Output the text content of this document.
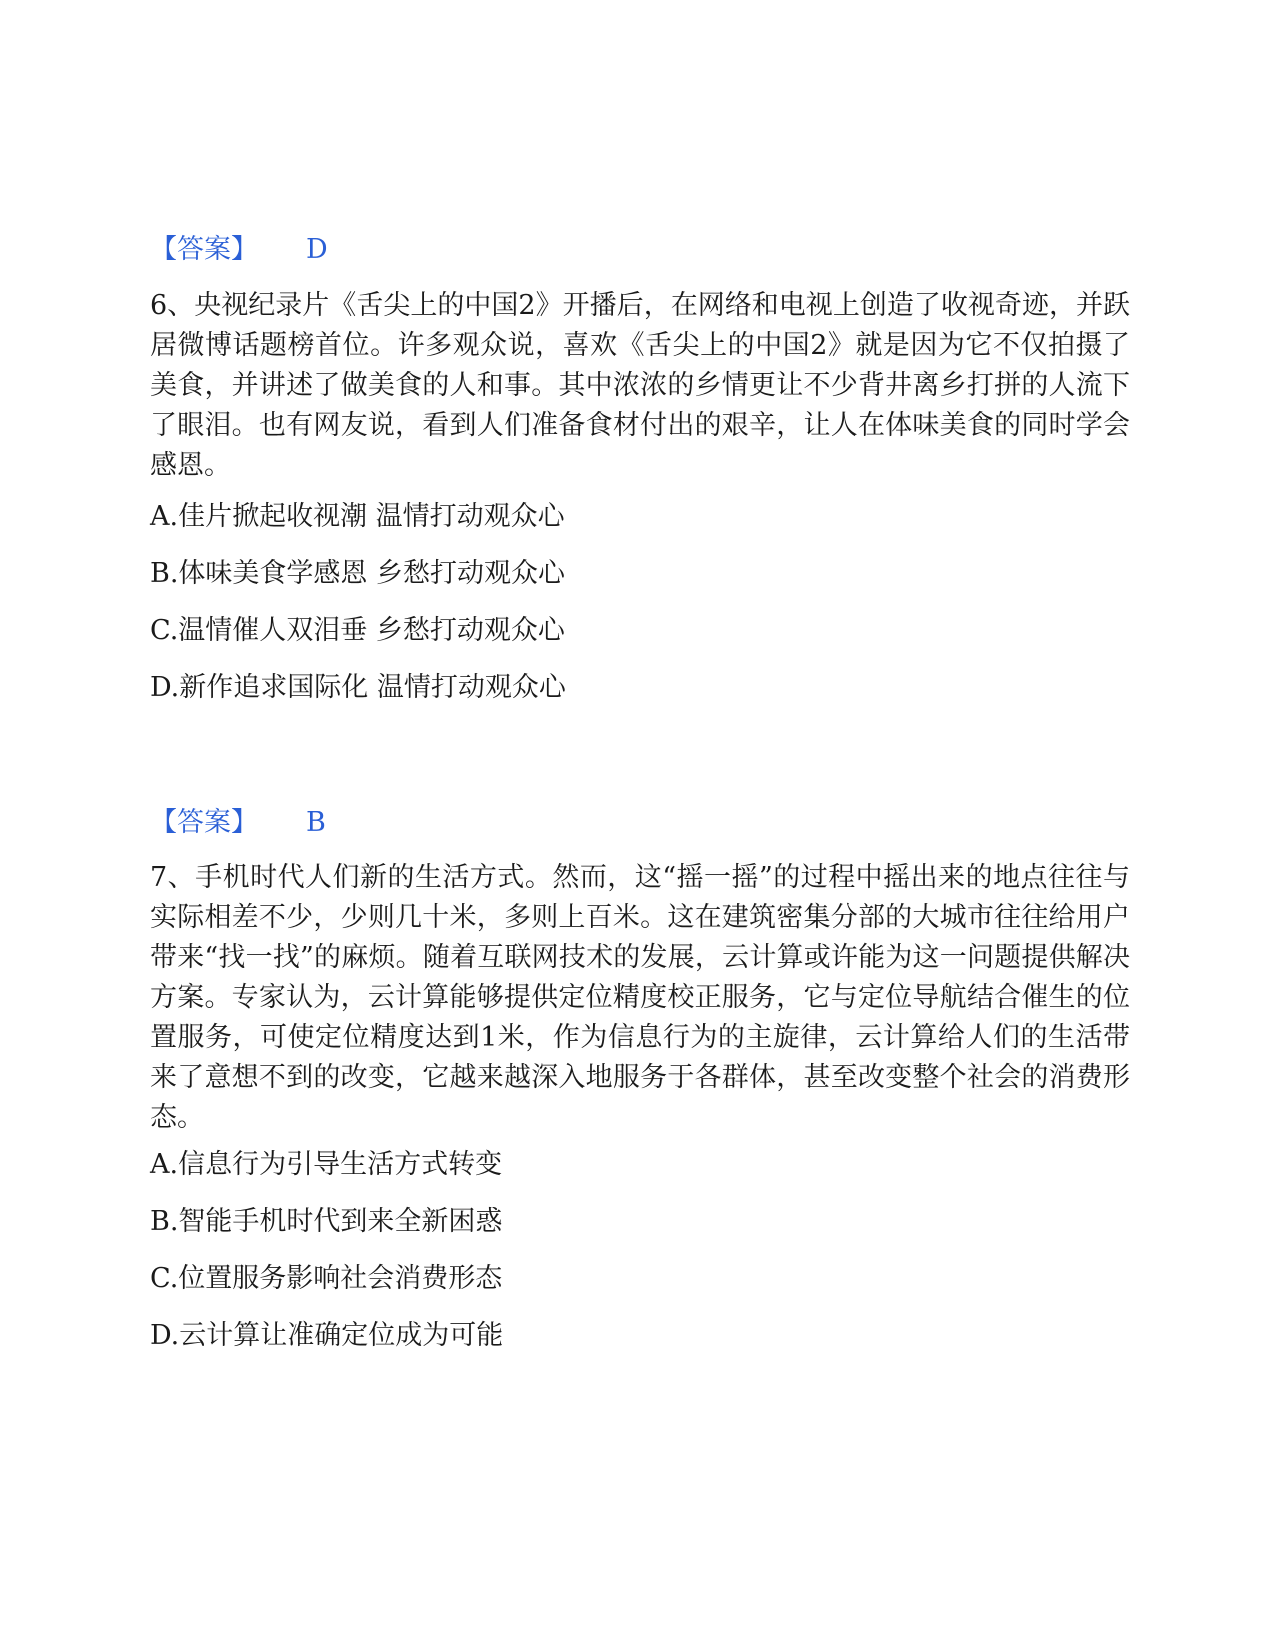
【答案】 D
6、央视纪录片《舌尖上的中国2》开播后，在网络和电视上创造了收视奇迹，并跃居微博话题榜首位。许多观众说，喜欢《舌尖上的中国2》就是因为它不仅拍摄了美食，并讲述了做美食的人和事。其中浓浓的乡情更让不少背井离乡打拼的人流下了眼泪。也有网友说，看到人们准备食材付出的艰辛，让人在体味美食的同时学会感恩。
A.佳片掀起收视潮 温情打动观众心
B.体味美食学感恩 乡愁打动观众心
C.温情催人双泪垂 乡愁打动观众心
D.新作追求国际化 温情打动观众心
【答案】 B
7、手机时代人们新的生活方式。然而，这“摇一摇”的过程中摇出来的地点往往与实际相差不少，少则几十米，多则上百米。这在建筑密集分部的大城市往往给用户带来“找一找”的麻烦。随着互联网技术的发展，云计算或许能为这一问题提供解决方案。专家认为，云计算能够提供定位精度校正服务，它与定位导航结合催生的位置服务，可使定位精度达到1米，作为信息行为的主旋律，云计算给人们的生活带来了意想不到的改变，它越来越深入地服务于各群体，甚至改变整个社会的消费形态。
A.信息行为引导生活方式转变
B.智能手机时代到来全新困惑
C.位置服务影响社会消费形态
D.云计算让准确定位成为可能
